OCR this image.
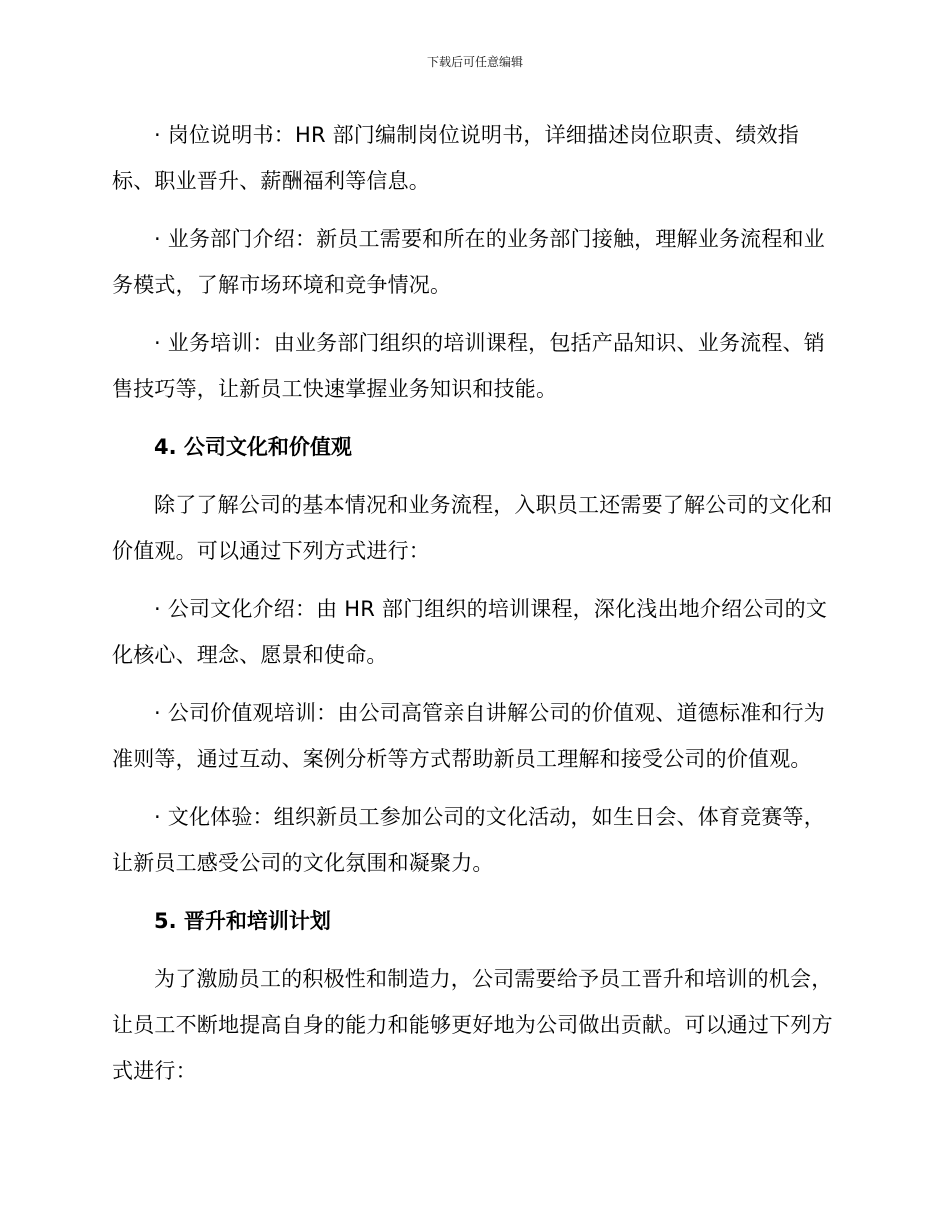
下载后可任意编辑

· 岗位说明书：HR 部门编制岗位说明书，详细描述岗位职责、绩效指标、职业晋升、薪酬福利等信息。

· 业务部门介绍：新员工需要和所在的业务部门接触，理解业务流程和业务模式，了解市场环境和竞争情况。

· 业务培训：由业务部门组织的培训课程，包括产品知识、业务流程、销售技巧等，让新员工快速掌握业务知识和技能。

4. 公司文化和价值观

除了了解公司的基本情况和业务流程，入职员工还需要了解公司的文化和价值观。可以通过下列方式进行：

· 公司文化介绍：由 HR 部门组织的培训课程，深化浅出地介绍公司的文化核心、理念、愿景和使命。

· 公司价值观培训：由公司高管亲自讲解公司的价值观、道德标准和行为准则等，通过互动、案例分析等方式帮助新员工理解和接受公司的价值观。

· 文化体验：组织新员工参加公司的文化活动，如生日会、体育竞赛等，让新员工感受公司的文化氛围和凝聚力。

5. 晋升和培训计划

为了激励员工的积极性和制造力，公司需要给予员工晋升和培训的机会，让员工不断地提高自身的能力和能够更好地为公司做出贡献。可以通过下列方式进行：
